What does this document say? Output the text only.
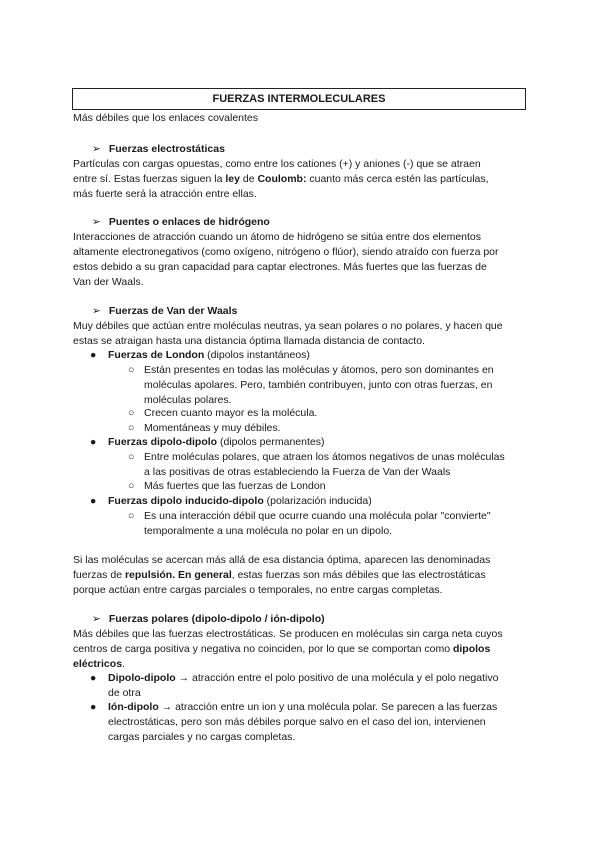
FUERZAS INTERMOLECULARES
Más débiles que los enlaces covalentes
➢ Fuerzas electrostáticas
Partículas con cargas opuestas, como entre los cationes (+) y aniones (-) que se atraen
entre sí. Estas fuerzas siguen la ley de Coulomb: cuanto más cerca estén las partículas,
más fuerte será la atracción entre ellas.
➢ Puentes o enlaces de hidrógeno
Interacciones de atracción cuando un átomo de hidrógeno se sitúa entre dos elementos
altamente electronegativos (como oxígeno, nitrógeno o flúor), siendo atraído con fuerza por
estos debido a su gran capacidad para captar electrones. Más fuertes que las fuerzas de
Van der Waals.
➢ Fuerzas de Van der Waals
Muy débiles que actúan entre moléculas neutras, ya sean polares o no polares, y hacen que
estas se atraigan hasta una distancia óptima llamada distancia de contacto.
● Fuerzas de London (dipolos instantáneos)
○ Están presentes en todas las moléculas y átomos, pero son dominantes en
moléculas apolares. Pero, también contribuyen, junto con otras fuerzas, en
moléculas polares.
○ Crecen cuanto mayor es la molécula.
○ Momentáneas y muy débiles.
● Fuerzas dipolo-dipolo (dipolos permanentes)
○ Entre moléculas polares, que atraen los átomos negativos de unas moléculas
a las positivas de otras estableciendo la Fuerza de Van der Waals
○ Más fuertes que las fuerzas de London
● Fuerzas dipolo inducido-dipolo (polarización inducida)
○ Es una interacción débil que ocurre cuando una molécula polar "convierte"
temporalmente a una molécula no polar en un dipolo.
Si las moléculas se acercan más allá de esa distancia óptima, aparecen las denominadas
fuerzas de repulsión. En general, estas fuerzas son más débiles que las electrostáticas
porque actúan entre cargas parciales o temporales, no entre cargas completas.
➢ Fuerzas polares (dipolo-dipolo / ión-dipolo)
Más débiles que las fuerzas electrostáticas. Se producen en moléculas sin carga neta cuyos
centros de carga positiva y negativa no coinciden, por lo que se comportan como dipolos
eléctricos.
● Dipolo-dipolo → atracción entre el polo positivo de una molécula y el polo negativo
de otra
● Ión-dipolo → atracción entre un ion y una molécula polar. Se parecen a las fuerzas
electrostáticas, pero son más débiles porque salvo en el caso del ion, intervienen
cargas parciales y no cargas completas.
